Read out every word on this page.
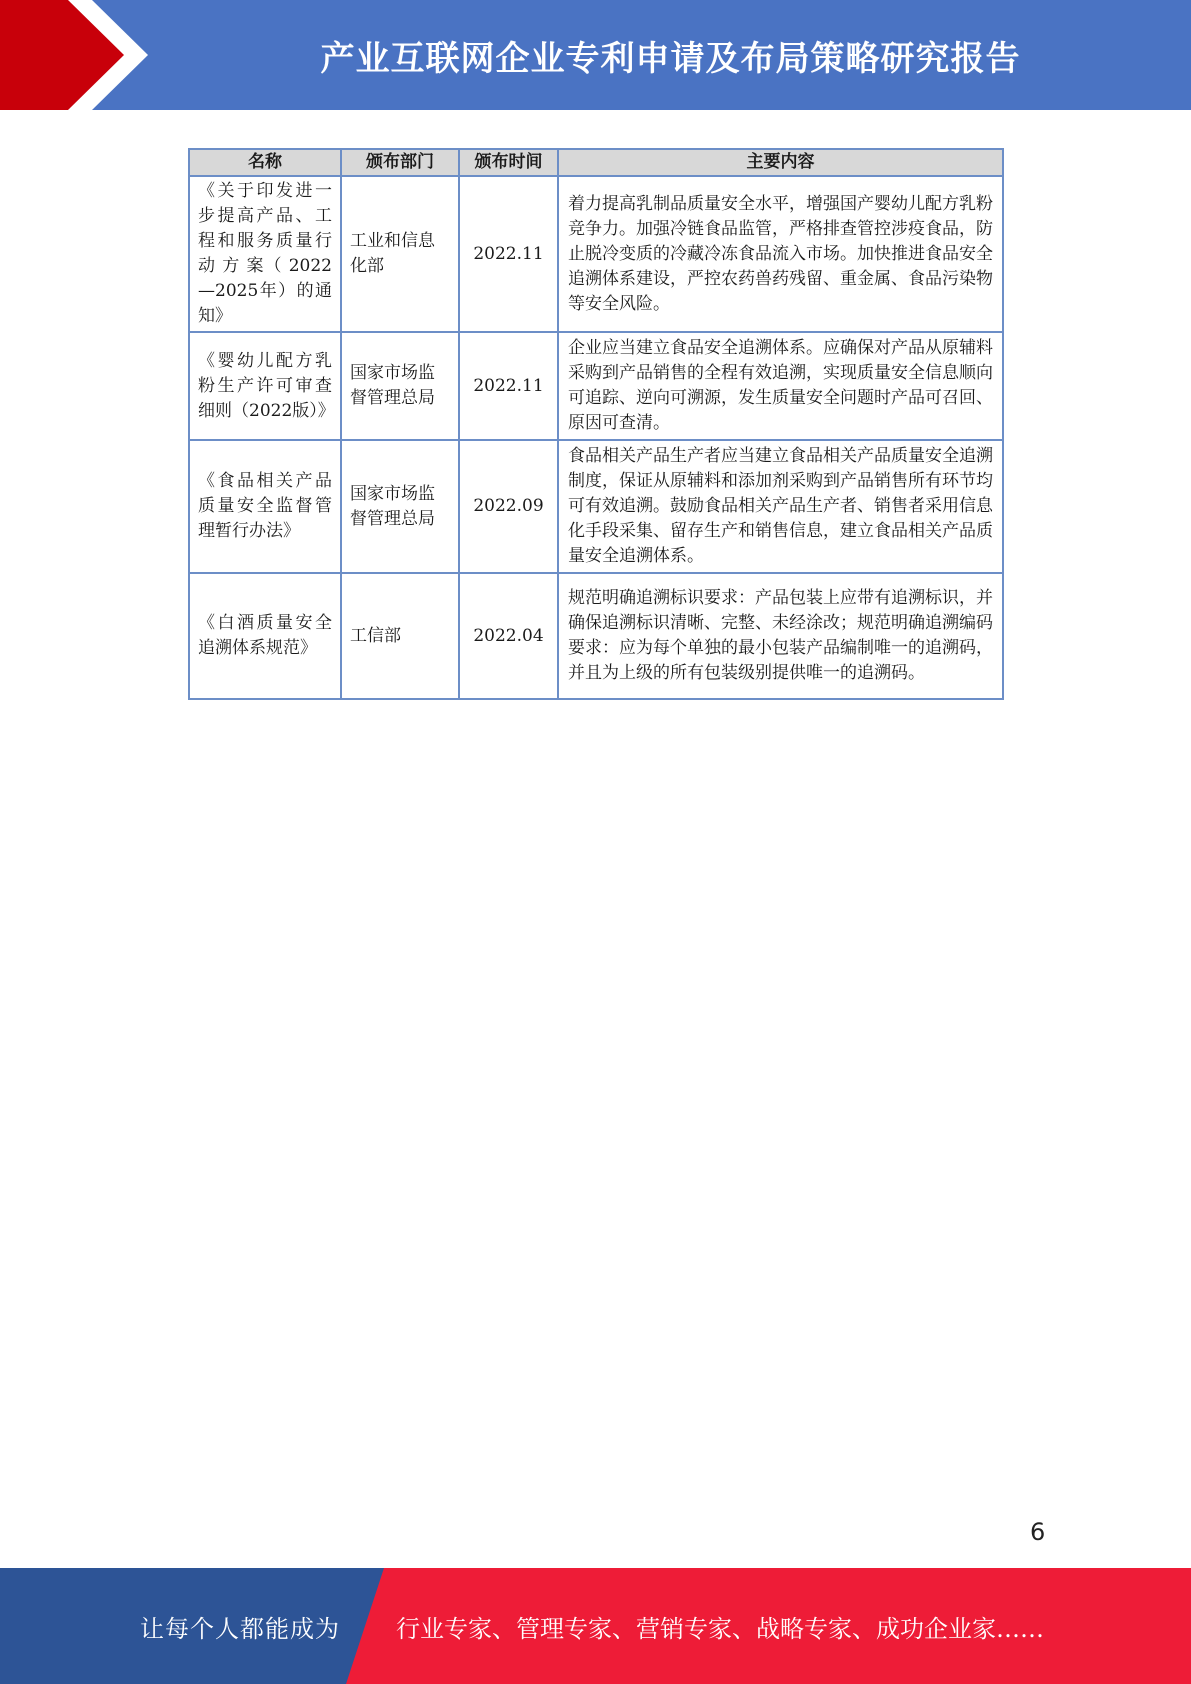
产业互联网企业专利申请及布局策略研究报告
名称	颁布部门	颁布时间	主要内容
《关于印发进一步提高产品、工程和服务质量行动 方 案（ 2022—2025年）的通知》	工业和信息化部	2022.11	着力提高乳制品质量安全水平，增强国产婴幼儿配方乳粉竞争力。加强冷链食品监管，严格排查管控涉疫食品，防止脱冷变质的冷藏冷冻食品流入市场。加快推进食品安全追溯体系建设，严控农药兽药残留、重金属、食品污染物等安全风险。
《婴幼儿配方乳粉生产许可审查细则（2022版）》	国家市场监督管理总局	2022.11	企业应当建立食品安全追溯体系。应确保对产品从原辅料采购到产品销售的全程有效追溯，实现质量安全信息顺向可追踪、逆向可溯源，发生质量安全问题时产品可召回、原因可查清。
《食品相关产品质量安全监督管理暂行办法》	国家市场监督管理总局	2022.09	食品相关产品生产者应当建立食品相关产品质量安全追溯制度，保证从原辅料和添加剂采购到产品销售所有环节均可有效追溯。鼓励食品相关产品生产者、销售者采用信息化手段采集、留存生产和销售信息，建立食品相关产品质量安全追溯体系。
《白酒质量安全追溯体系规范》	工信部	2022.04	规范明确追溯标识要求：产品包装上应带有追溯标识，并确保追溯标识清晰、完整、未经涂改；规范明确追溯编码要求：应为每个单独的最小包装产品编制唯一的追溯码，并且为上级的所有包装级别提供唯一的追溯码。
6
让每个人都能成为	行业专家、管理专家、营销专家、战略专家、成功企业家……
